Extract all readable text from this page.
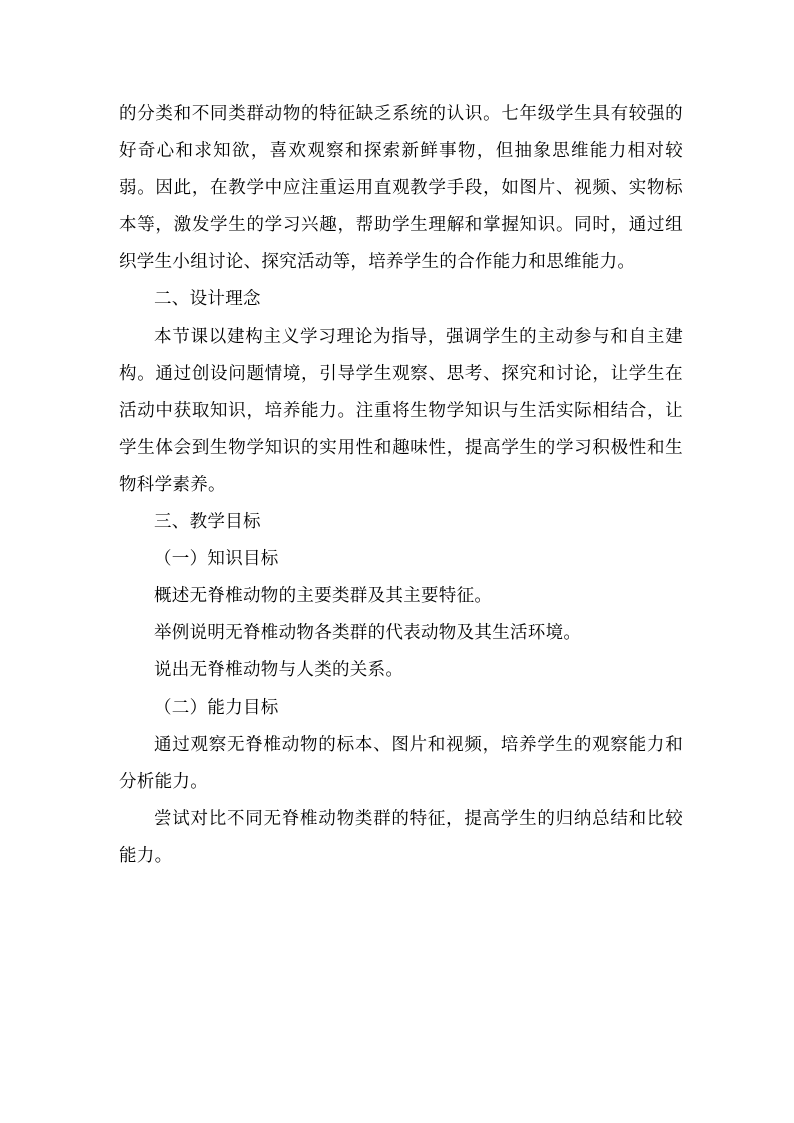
的分类和不同类群动物的特征缺乏系统的认识。七年级学生具有较强的好奇心和求知欲，喜欢观察和探索新鲜事物，但抽象思维能力相对较弱。因此，在教学中应注重运用直观教学手段，如图片、视频、实物标本等，激发学生的学习兴趣，帮助学生理解和掌握知识。同时，通过组织学生小组讨论、探究活动等，培养学生的合作能力和思维能力。

二、设计理念

本节课以建构主义学习理论为指导，强调学生的主动参与和自主建构。通过创设问题情境，引导学生观察、思考、探究和讨论，让学生在活动中获取知识，培养能力。注重将生物学知识与生活实际相结合，让学生体会到生物学知识的实用性和趣味性，提高学生的学习积极性和生物科学素养。

三、教学目标

（一）知识目标

概述无脊椎动物的主要类群及其主要特征。

举例说明无脊椎动物各类群的代表动物及其生活环境。

说出无脊椎动物与人类的关系。

（二）能力目标

通过观察无脊椎动物的标本、图片和视频，培养学生的观察能力和分析能力。

尝试对比不同无脊椎动物类群的特征，提高学生的归纳总结和比较能力。
